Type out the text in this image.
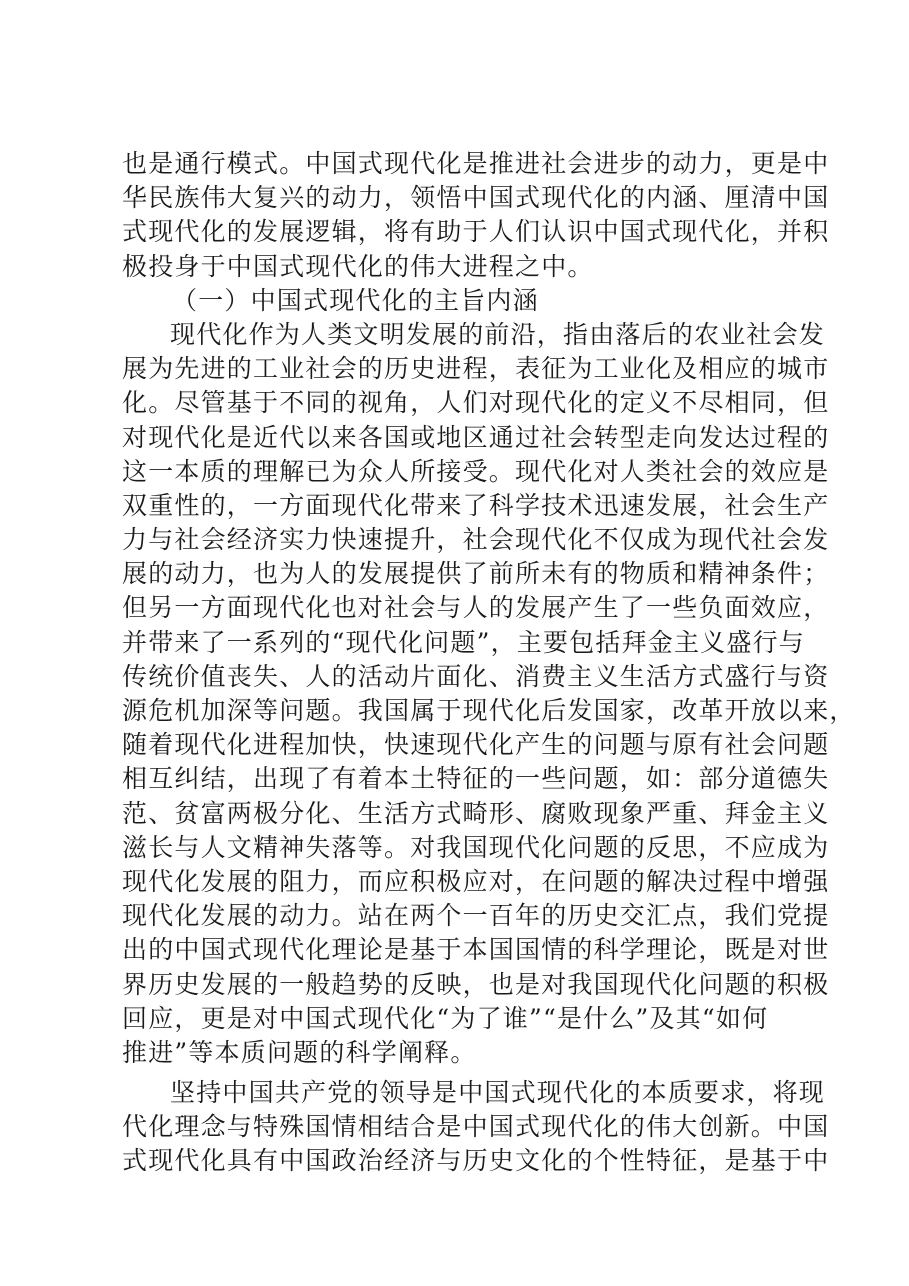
也是通行模式。中国式现代化是推进社会进步的动力，更是中
华民族伟大复兴的动力，领悟中国式现代化的内涵、厘清中国
式现代化的发展逻辑，将有助于人们认识中国式现代化，并积
极投身于中国式现代化的伟大进程之中。
（一）中国式现代化的主旨内涵
现代化作为人类文明发展的前沿，指由落后的农业社会发
展为先进的工业社会的历史进程，表征为工业化及相应的城市
化。尽管基于不同的视角，人们对现代化的定义不尽相同，但
对现代化是近代以来各国或地区通过社会转型走向发达过程的
这一本质的理解已为众人所接受。现代化对人类社会的效应是
双重性的，一方面现代化带来了科学技术迅速发展，社会生产
力与社会经济实力快速提升，社会现代化不仅成为现代社会发
展的动力，也为人的发展提供了前所未有的物质和精神条件；
但另一方面现代化也对社会与人的发展产生了一些负面效应，
并带来了一系列的“现代化问题”，主要包括拜金主义盛行与
传统价值丧失、人的活动片面化、消费主义生活方式盛行与资
源危机加深等问题。我国属于现代化后发国家，改革开放以来，
随着现代化进程加快，快速现代化产生的问题与原有社会问题
相互纠结，出现了有着本土特征的一些问题，如：部分道德失
范、贫富两极分化、生活方式畸形、腐败现象严重、拜金主义
滋长与人文精神失落等。对我国现代化问题的反思，不应成为
现代化发展的阻力，而应积极应对，在问题的解决过程中增强
现代化发展的动力。站在两个一百年的历史交汇点，我们党提
出的中国式现代化理论是基于本国国情的科学理论，既是对世
界历史发展的一般趋势的反映，也是对我国现代化问题的积极
回应，更是对中国式现代化“为了谁”“是什么”及其“如何
推进”等本质问题的科学阐释。
坚持中国共产党的领导是中国式现代化的本质要求，将现
代化理念与特殊国情相结合是中国式现代化的伟大创新。中国
式现代化具有中国政治经济与历史文化的个性特征，是基于中
